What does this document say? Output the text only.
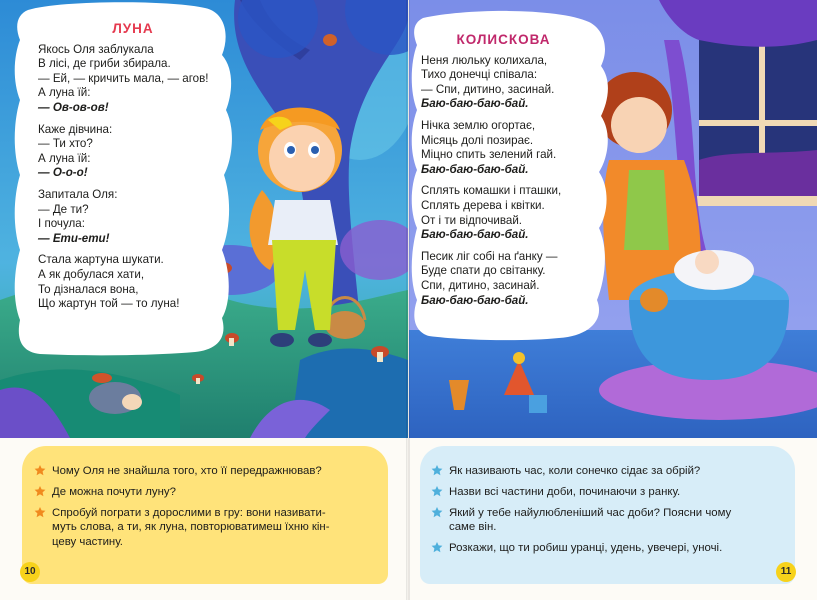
ЛУНА
Якось Оля заблукала
В лісі, де гриби збирала.
— Ей, — кричить мала, — агов!
А луна їй:
— Ов-ов-ов!
Каже дівчина:
— Ти хто?
А луна їй:
— О-о-о!
Запитала Оля:
— Де ти?
І почула:
— Ети-ети!
Стала жартуна шукати.
А як добулася хати,
То дізналася вона,
Що жартун той — то луна!
Чому Оля не знайшла того, хто її передражнював?
Де можна почути луну?
Спробуй пограти з дорослими в гру: вони називати-
муть слова, а ти, як луна, повторюватимеш їхню кін-
цеву частину.
10
КОЛИСКОВА
Неня люльку колихала,
Тихо донечці співала:
— Спи, дитино, засинай.
Баю-баю-баю-бай.
Нічка землю огортає,
Місяць долі позирає.
Міцно спить зелений гай.
Баю-баю-баю-бай.
Сплять комашки і пташки,
Сплять дерева і квітки.
От і ти відпочивай.
Баю-баю-баю-бай.
Песик ліг собі на ґанку —
Буде спати до світанку.
Спи, дитино, засинай.
Баю-баю-баю-бай.
Як називають час, коли сонечко сідає за обрій?
Назви всі частини доби, починаючи з ранку.
Який у тебе найулюбленіший час доби? Поясни чому
саме він.
Розкажи, що ти робиш уранці, удень, увечері, уночі.
11
